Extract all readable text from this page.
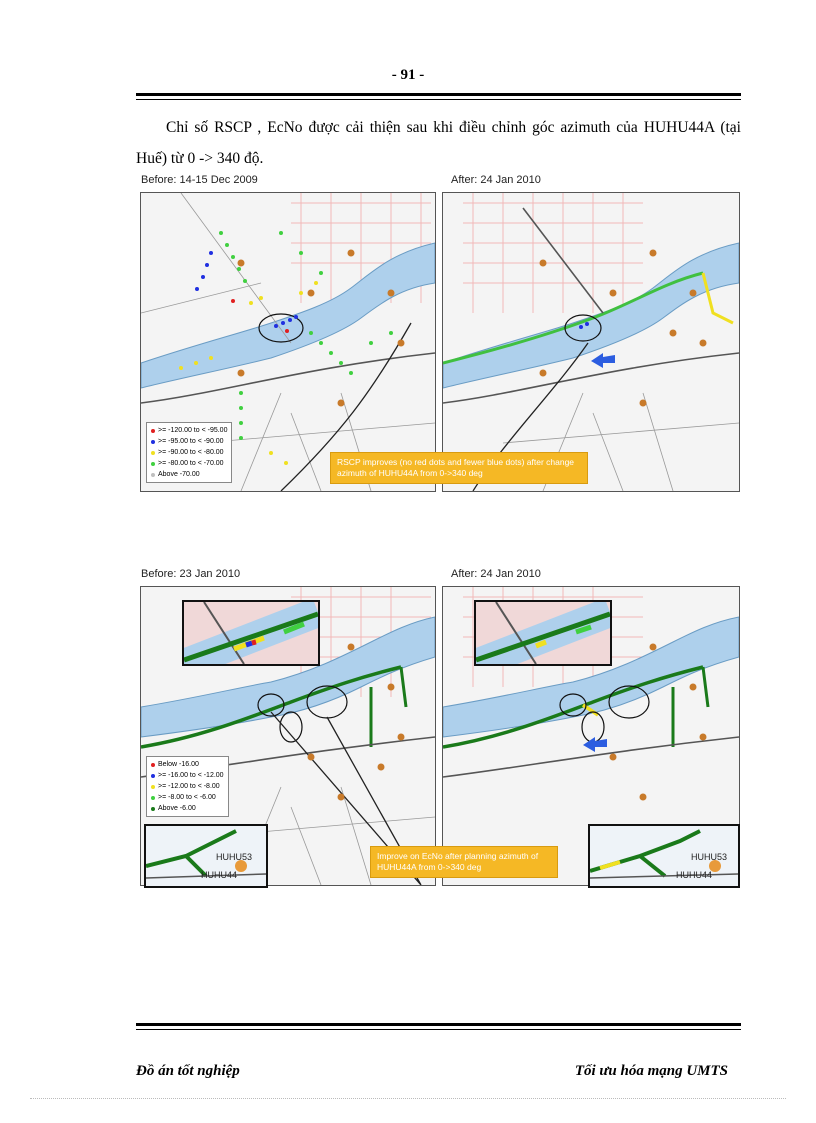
- 91 -
Chỉ số RSCP , EcNo được cải thiện sau khi điều chỉnh góc azimuth của HUHU44A (tại Huế) từ 0 -> 340 độ.
Before: 14-15 Dec 2009	After: 24 Jan 2010
>= -120.00 to < -95.00
>= -95.00 to < -90.00
>= -90.00 to < -80.00
>= -80.00 to < -70.00
Above -70.00
RSCP improves (no red dots and fewer blue dots) after change azimuth of HUHU44A from 0->340 deg
Before: 23 Jan 2010	After: 24 Jan 2010
HUHU53
HUHU44
Below -16.00
>= -16.00 to < -12.00
>= -12.00 to < -8.00
>= -8.00 to < -6.00
Above -6.00
HUHU53
HUHU44
Improve on EcNo after planning azimuth of HUHU44A from 0->340 deg
Đồ án tốt nghiệp	Tối ưu hóa mạng UMTS
